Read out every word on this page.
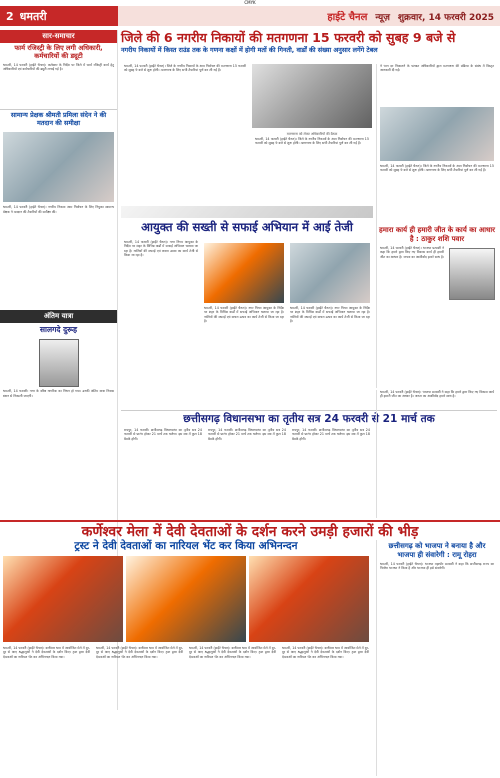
CMYK
2 धमतरी	हाईटे चैनल न्यूज़ शुक्रवार, 14 फरवरी 2025
सार-समाचार
फार्म रजिस्ट्री के लिए लगी अधिकारी, कर्मचारियों की ड्यूटी
धमतरी, 14 फरवरी (हाईटे चैनल)। कलेक्टर के निर्देश पर जिले में फार्म रजिस्ट्री कार्य हेतु अधिकारियों एवं कर्मचारियों की ड्यूटी लगाई गई है।
सामान्य प्रेक्षक श्रीमती प्रमिला संदेन ने की मतदान की समीक्षा
धमतरी, 14 फरवरी (हाईटे चैनल)। नगरीय निकाय आम निर्वाचन के लिए नियुक्त सामान्य प्रेक्षक ने मतदान की तैयारियों की समीक्षा की।
अंतिम यात्रा
सालगदे दुरूह
धमतरी, 14 फरवरी। नगर के वरिष्ठ नागरिक का निधन हो गया। उनकी अंतिम यात्रा निवास स्थान से निकाली जाएगी।
जिले की 6 नगरीय निकायों की मतगणना 15 फरवरी को सुबह 9 बजे से
नगरीय निकायों में किस्त राउंड तक के गणना कक्षों में होगी मतों की गिनती, वार्डों की संख्या अनुसार लगेंगे टेबल
धमतरी, 14 फरवरी (हाईटे चैनल)। जिले के नगरीय निकायों के आम निर्वाचन की मतगणना 15 फरवरी को सुबह 9 बजे से शुरू होगी। मतगणना के लिए सभी तैयारियां पूर्ण कर ली गई हैं।
मतगणना को लेकर अधिकारियों की बैठक
धमतरी, 14 फरवरी (हाईटे चैनल)। जिले के नगरीय निकायों के आम निर्वाचन की मतगणना 15 फरवरी को सुबह 9 बजे से शुरू होगी। मतगणना के लिए सभी तैयारियां पूर्ण कर ली गई हैं।
ने भाग दर निकालने के पश्चात अधिकारियों द्वारा मतगणना की प्रक्रिया के संबंध में विस्तृत जानकारी दी गई।
धमतरी, 14 फरवरी (हाईटे चैनल)। जिले के नगरीय निकायों के आम निर्वाचन की मतगणना 15 फरवरी को सुबह 9 बजे से शुरू होगी। मतगणना के लिए सभी तैयारियां पूर्ण कर ली गई हैं।
हमारा कार्य ही हमारी जीत के कार्य का आधार है : ठाकुर शशि पवार
धमतरी, 14 फरवरी (हाईटे चैनल)। भाजपा प्रत्याशी ने कहा कि हमारे द्वारा किए गए विकास कार्य ही हमारी जीत का आधार है। जनता का आशीर्वाद हमारे साथ है।
आयुक्त की सख्ती से सफाई अभियान में आई तेजी
धमतरी, 14 फरवरी (हाईटे चैनल)। नगर निगम आयुक्त के निर्देश पर शहर के विभिन्न वार्डों में सफाई अभियान चलाया जा रहा है। नालियों की सफाई एवं कचरा उठाव का कार्य तेजी से किया जा रहा है।
धमतरी, 14 फरवरी (हाईटे चैनल)। नगर निगम आयुक्त के निर्देश पर शहर के विभिन्न वार्डों में सफाई अभियान चलाया जा रहा है। नालियों की सफाई एवं कचरा उठाव का कार्य तेजी से किया जा रहा है।
धमतरी, 14 फरवरी (हाईटे चैनल)। नगर निगम आयुक्त के निर्देश पर शहर के विभिन्न वार्डों में सफाई अभियान चलाया जा रहा है। नालियों की सफाई एवं कचरा उठाव का कार्य तेजी से किया जा रहा है।
छत्तीसगढ़ विधानसभा का तृतीय सत्र 24 फरवरी से 21 मार्च तक
रायपुर, 14 फरवरी। छत्तीसगढ़ विधानसभा का तृतीय सत्र 24 फरवरी से प्रारंभ होकर 21 मार्च तक चलेगा। इस सत्र में कुल 18 बैठकें होंगी।
रायपुर, 14 फरवरी। छत्तीसगढ़ विधानसभा का तृतीय सत्र 24 फरवरी से प्रारंभ होकर 21 मार्च तक चलेगा। इस सत्र में कुल 18 बैठकें होंगी।
रायपुर, 14 फरवरी। छत्तीसगढ़ विधानसभा का तृतीय सत्र 24 फरवरी से प्रारंभ होकर 21 मार्च तक चलेगा। इस सत्र में कुल 18 बैठकें होंगी।
धमतरी, 14 फरवरी (हाईटे चैनल)। भाजपा प्रत्याशी ने कहा कि हमारे द्वारा किए गए विकास कार्य ही हमारी जीत का आधार है। जनता का आशीर्वाद हमारे साथ है।
कर्णेश्वर मेला में देवी देवताओं के दर्शन करने उमड़ी हजारों की भीड़
ट्रस्ट ने देवी देवताओं का नारियल भेंट कर किया अभिनन्दन
धमतरी, 14 फरवरी (हाईटे चैनल)। कर्णेश्वर धाम में आयोजित मेले में दूर-दूर से आए श्रद्धालुओं ने देवी देवताओं के दर्शन किए। ट्रस्ट द्वारा देवी देवताओं का नारियल भेंट कर अभिनन्दन किया गया।
धमतरी, 14 फरवरी (हाईटे चैनल)। कर्णेश्वर धाम में आयोजित मेले में दूर-दूर से आए श्रद्धालुओं ने देवी देवताओं के दर्शन किए। ट्रस्ट द्वारा देवी देवताओं का नारियल भेंट कर अभिनन्दन किया गया।
धमतरी, 14 फरवरी (हाईटे चैनल)। कर्णेश्वर धाम में आयोजित मेले में दूर-दूर से आए श्रद्धालुओं ने देवी देवताओं के दर्शन किए। ट्रस्ट द्वारा देवी देवताओं का नारियल भेंट कर अभिनन्दन किया गया।
धमतरी, 14 फरवरी (हाईटे चैनल)। कर्णेश्वर धाम में आयोजित मेले में दूर-दूर से आए श्रद्धालुओं ने देवी देवताओं के दर्शन किए। ट्रस्ट द्वारा देवी देवताओं का नारियल भेंट कर अभिनन्दन किया गया।
छत्तीसगढ़ को भाजपा ने बनाया है और भाजपा ही संवारेगी : रामू रोहरा
धमतरी, 14 फरवरी (हाईटे चैनल)। भाजपा महापौर प्रत्याशी ने कहा कि छत्तीसगढ़ राज्य का निर्माण भाजपा ने किया है और भाजपा ही इसे संवारेगी।
